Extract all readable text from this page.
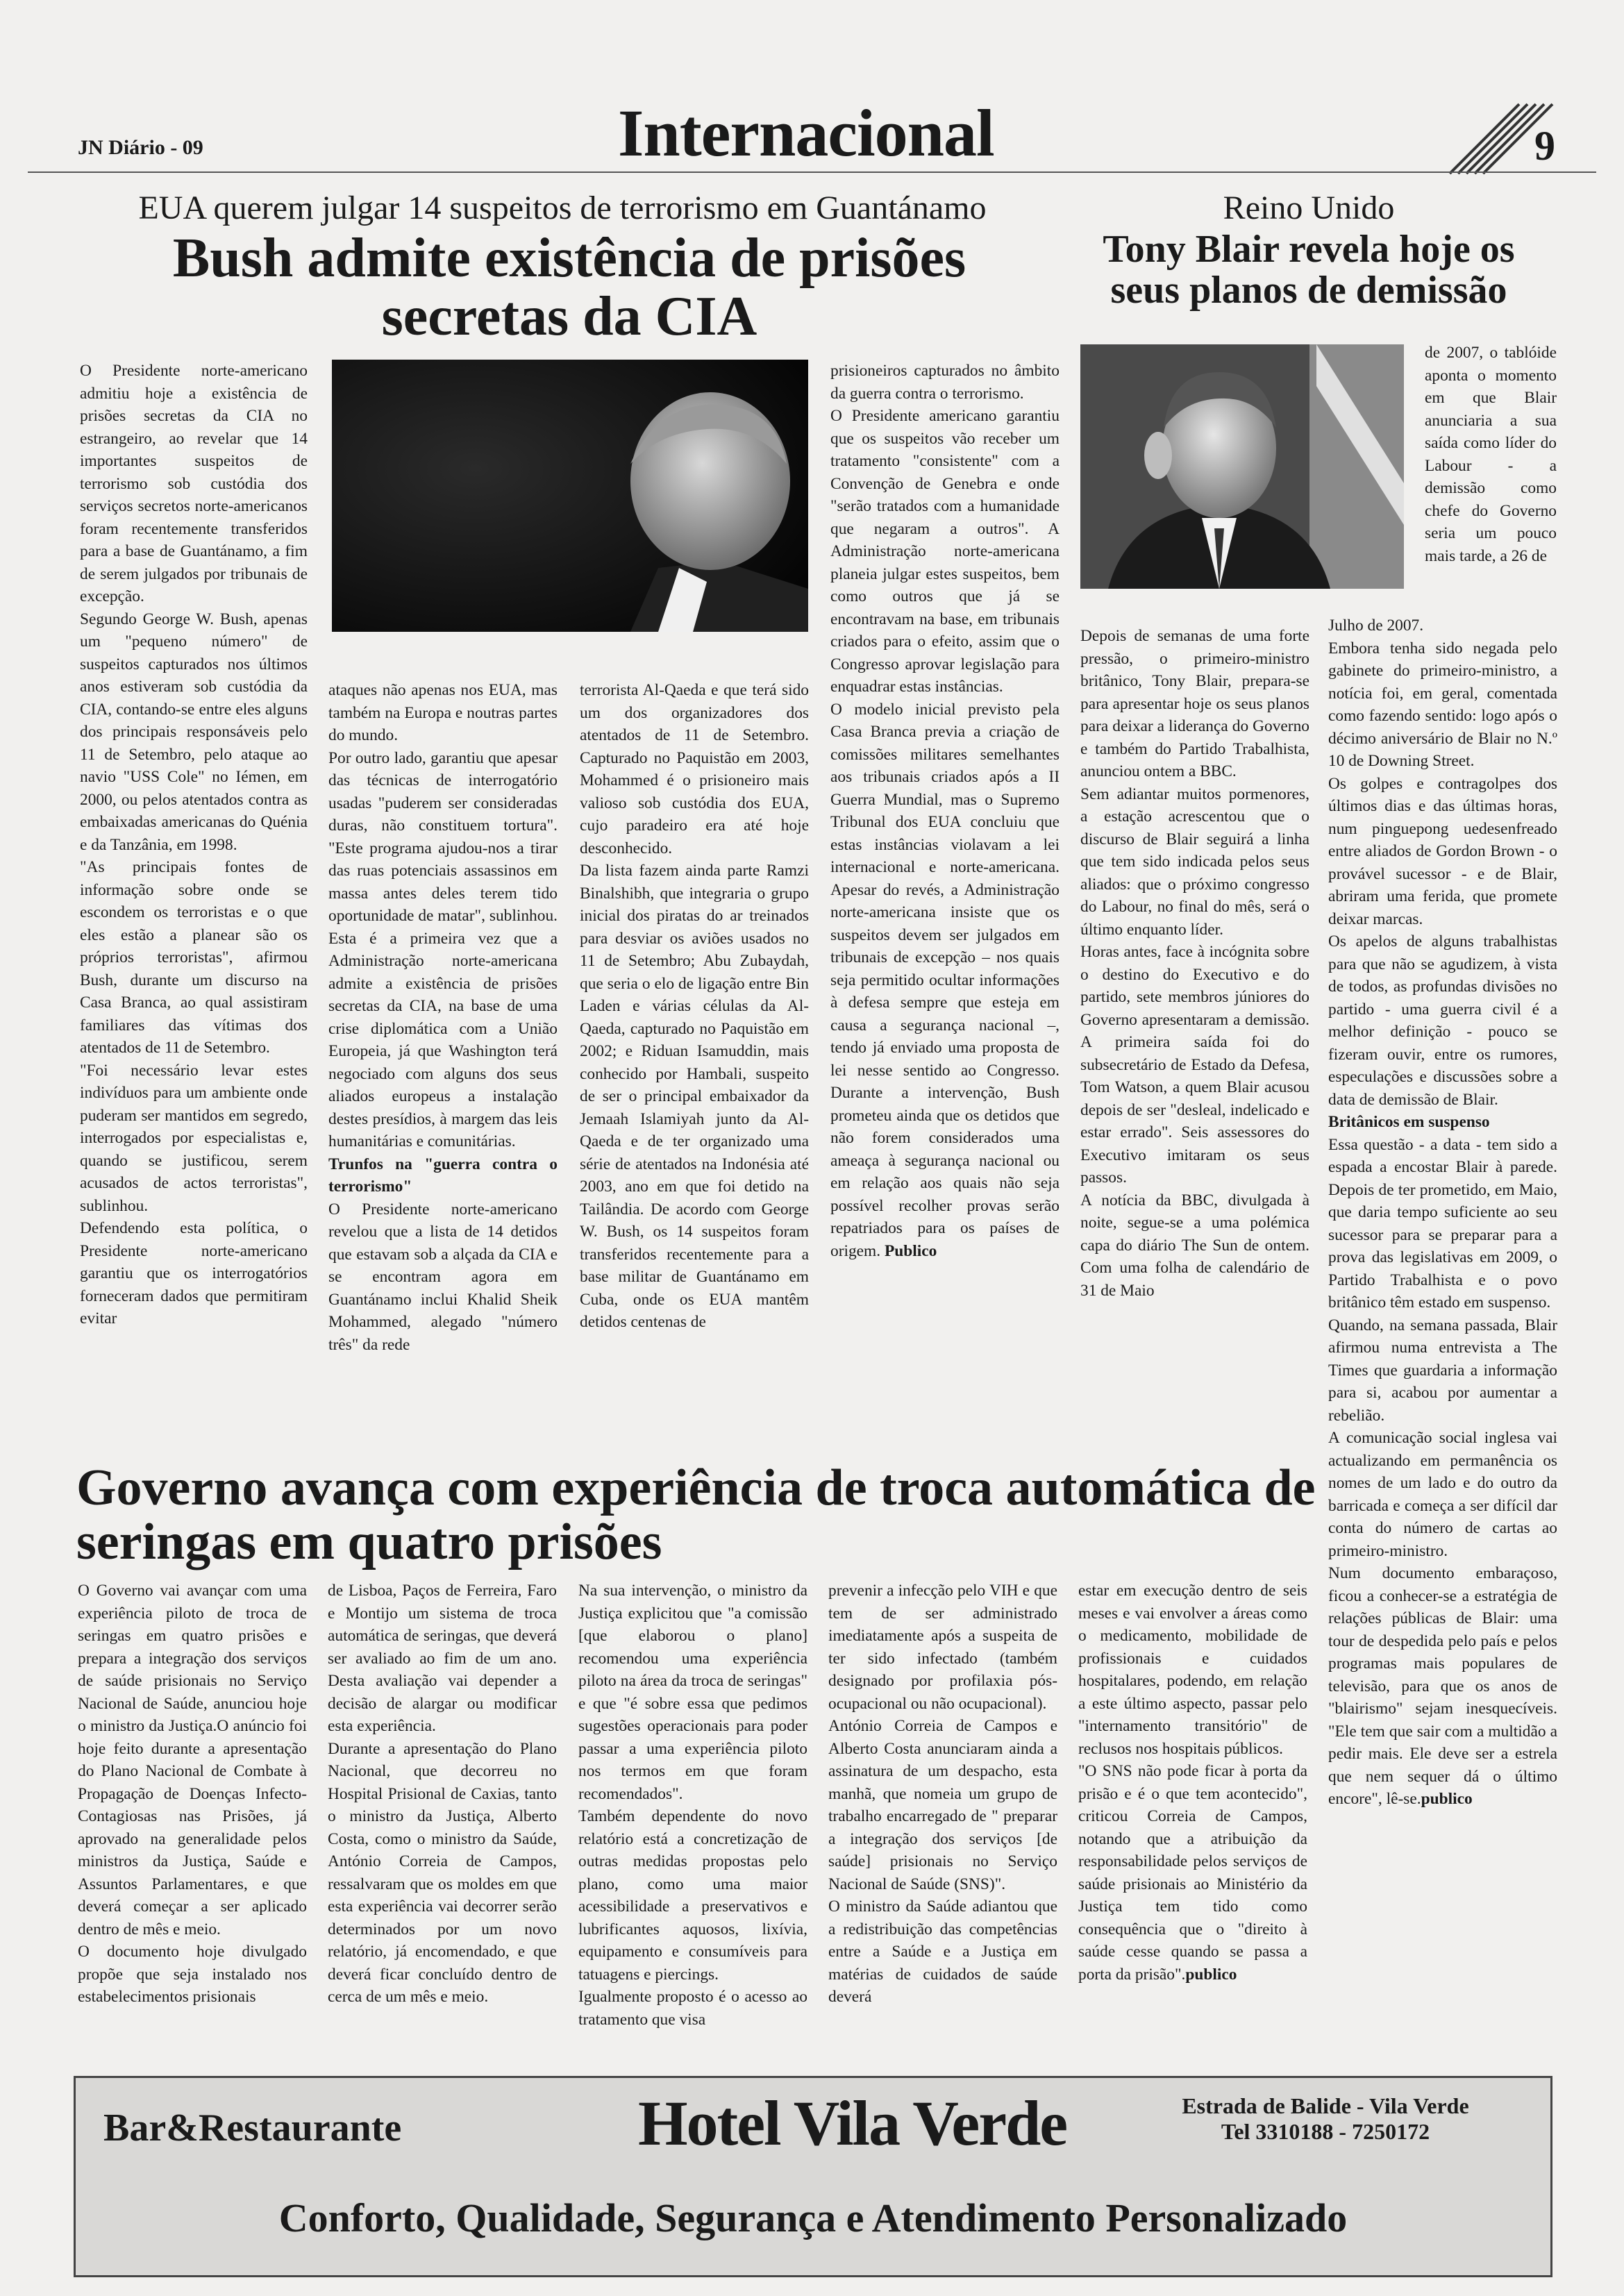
JN Diário - 09	Internacional	9
EUA querem julgar 14 suspeitos de terrorismo em Guantánamo
Bush admite existência de prisões secretas da CIA

O Presidente norte-americano admitiu hoje a existência de prisões secretas da CIA no estrangeiro, ao revelar que 14 importantes suspeitos de terrorismo sob custódia dos serviços secretos norte-americanos foram recentemente transferidos para a base de Guantánamo, a fim de serem julgados por tribunais de excepção.

Segundo George W. Bush, apenas um "pequeno número" de suspeitos capturados nos últimos anos estiveram sob custódia da CIA, contando-se entre eles alguns dos principais responsáveis pelo 11 de Setembro, pelo ataque ao navio "USS Cole" no Iémen, em 2000, ou pelos atentados contra as embaixadas americanas do Quénia e da Tanzânia, em 1998.

"As principais fontes de informação sobre onde se escondem os terroristas e o que eles estão a planear são os próprios terroristas", afirmou Bush, durante um discurso na Casa Branca, ao qual assistiram familiares das vítimas dos atentados de 11 de Setembro.

"Foi necessário levar estes indivíduos para um ambiente onde puderam ser mantidos em segredo, interrogados por especialistas e, quando se justificou, serem acusados de actos terroristas", sublinhou.

Defendendo esta política, o Presidente norte-americano garantiu que os interrogatórios forneceram dados que permitiram evitar

ataques não apenas nos EUA, mas também na Europa e noutras partes do mundo.

Por outro lado, garantiu que apesar das técnicas de interrogatório usadas "puderem ser consideradas duras, não constituem tortura". "Este programa ajudou-nos a tirar das ruas potenciais assassinos em massa antes deles terem tido oportunidade de matar", sublinhou. Esta é a primeira vez que a Administração norte-americana admite a existência de prisões secretas da CIA, na base de uma crise diplomática com a União Europeia, já que Washington terá negociado com alguns dos seus aliados europeus a instalação destes presídios, à margem das leis humanitárias e comunitárias.

Trunfos na "guerra contra o terrorismo"

O Presidente norte-americano revelou que a lista de 14 detidos que estavam sob a alçada da CIA e se encontram agora em Guantánamo inclui Khalid Sheik Mohammed, alegado "número três" da rede

terrorista Al-Qaeda e que terá sido um dos organizadores dos atentados de 11 de Setembro. Capturado no Paquistão em 2003, Mohammed é o prisioneiro mais valioso sob custódia dos EUA, cujo paradeiro era até hoje desconhecido.

Da lista fazem ainda parte Ramzi Binalshibh, que integraria o grupo inicial dos piratas do ar treinados para desviar os aviões usados no 11 de Setembro; Abu Zubaydah, que seria o elo de ligação entre Bin Laden e várias células da Al-Qaeda, capturado no Paquistão em 2002; e Riduan Isamuddin, mais conhecido por Hambali, suspeito de ser o principal embaixador da Jemaah Islamiyah junto da Al-Qaeda e de ter organizado uma série de atentados na Indonésia até 2003, ano em que foi detido na Tailândia. De acordo com George W. Bush, os 14 suspeitos foram transferidos recentemente para a base militar de Guantánamo em Cuba, onde os EUA mantêm detidos centenas de

prisioneiros capturados no âmbito da guerra contra o terrorismo.

O Presidente americano garantiu que os suspeitos vão receber um tratamento "consistente" com a Convenção de Genebra e onde "serão tratados com a humanidade que negaram a outros". A Administração norte-americana planeia julgar estes suspeitos, bem como outros que já se encontravam na base, em tribunais criados para o efeito, assim que o Congresso aprovar legislação para enquadrar estas instâncias.

O modelo inicial previsto pela Casa Branca previa a criação de comissões militares semelhantes aos tribunais criados após a II Guerra Mundial, mas o Supremo Tribunal dos EUA concluiu que estas instâncias violavam a lei internacional e norte-americana. Apesar do revés, a Administração norte-americana insiste que os suspeitos devem ser julgados em tribunais de excepção – nos quais seja permitido ocultar informações à defesa sempre que esteja em causa a segurança nacional –, tendo já enviado uma proposta de lei nesse sentido ao Congresso. Durante a intervenção, Bush prometeu ainda que os detidos que não forem considerados uma ameaça à segurança nacional ou em relação aos quais não seja possível recolher provas serão repatriados para os países de origem. Publico

Reino Unido
Tony Blair revela hoje os seus planos de demissão

de 2007, o tablóide aponta o momento em que Blair anunciaria a sua saída como líder do Labour - a demissão como chefe do Governo seria um pouco mais tarde, a 26 de

Depois de semanas de uma forte pressão, o primeiro-ministro britânico, Tony Blair, prepara-se para apresentar hoje os seus planos para deixar a liderança do Governo e também do Partido Trabalhista, anunciou ontem a BBC.

Sem adiantar muitos pormenores, a estação acrescentou que o discurso de Blair seguirá a linha que tem sido indicada pelos seus aliados: que o próximo congresso do Labour, no final do mês, será o último enquanto líder.

Horas antes, face à incógnita sobre o destino do Executivo e do partido, sete membros júniores do Governo apresentaram a demissão. A primeira saída foi do subsecretário de Estado da Defesa, Tom Watson, a quem Blair acusou depois de ser "desleal, indelicado e estar errado". Seis assessores do Executivo imitaram os seus passos.

A notícia da BBC, divulgada à noite, segue-se a uma polémica capa do diário The Sun de ontem. Com uma folha de calendário de 31 de Maio

Julho de 2007.

Embora tenha sido negada pelo gabinete do primeiro-ministro, a notícia foi, em geral, comentada como fazendo sentido: logo após o décimo aniversário de Blair no N.º 10 de Downing Street.

Os golpes e contragolpes dos últimos dias e das últimas horas, num pinguepong uedesenfreado entre aliados de Gordon Brown - o provável sucessor - e de Blair, abriram uma ferida, que promete deixar marcas.

Os apelos de alguns trabalhistas para que não se agudizem, à vista de todos, as profundas divisões no partido - uma guerra civil é a melhor definição - pouco se fizeram ouvir, entre os rumores, especulações e discussões sobre a data de demissão de Blair.

Britânicos em suspenso

Essa questão - a data - tem sido a espada a encostar Blair à parede. Depois de ter prometido, em Maio, que daria tempo suficiente ao seu sucessor para se preparar para a prova das legislativas em 2009, o Partido Trabalhista e o povo britânico têm estado em suspenso.

Quando, na semana passada, Blair afirmou numa entrevista a The Times que guardaria a informação para si, acabou por aumentar a rebelião.

A comunicação social inglesa vai actualizando em permanência os nomes de um lado e do outro da barricada e começa a ser difícil dar conta do número de cartas ao primeiro-ministro.

Num documento embaraçoso, ficou a conhecer-se a estratégia de relações públicas de Blair: uma tour de despedida pelo país e pelos programas mais populares de televisão, para que os anos de "blairismo" sejam inesquecíveis. "Ele tem que sair com a multidão a pedir mais. Ele deve ser a estrela que nem sequer dá o último encore", lê-se.publico

Governo avança com experiência de troca automática de seringas em quatro prisões

O Governo vai avançar com uma experiência piloto de troca de seringas em quatro prisões e prepara a integração dos serviços de saúde prisionais no Serviço Nacional de Saúde, anunciou hoje o ministro da Justiça.O anúncio foi hoje feito durante a apresentação do Plano Nacional de Combate à Propagação de Doenças Infecto-Contagiosas nas Prisões, já aprovado na generalidade pelos ministros da Justiça, Saúde e Assuntos Parlamentares, e que deverá começar a ser aplicado dentro de mês e meio.

O documento hoje divulgado propõe que seja instalado nos estabelecimentos prisionais

de Lisboa, Paços de Ferreira, Faro e Montijo um sistema de troca automática de seringas, que deverá ser avaliado ao fim de um ano. Desta avaliação vai depender a decisão de alargar ou modificar esta experiência.

Durante a apresentação do Plano Nacional, que decorreu no Hospital Prisional de Caxias, tanto o ministro da Justiça, Alberto Costa, como o ministro da Saúde, António Correia de Campos, ressalvaram que os moldes em que esta experiência vai decorrer serão determinados por um novo relatório, já encomendado, e que deverá ficar concluído dentro de cerca de um mês e meio.

Na sua intervenção, o ministro da Justiça explicitou que "a comissão [que elaborou o plano] recomendou uma experiência piloto na área da troca de seringas" e que "é sobre essa que pedimos sugestões operacionais para poder passar a uma experiência piloto nos termos em que foram recomendados".

Também dependente do novo relatório está a concretização de outras medidas propostas pelo plano, como uma maior acessibilidade a preservativos e lubrificantes aquosos, lixívia, equipamento e consumíveis para tatuagens e piercings.

Igualmente proposto é o acesso ao tratamento que visa

prevenir a infecção pelo VIH e que tem de ser administrado imediatamente após a suspeita de ter sido infectado (também designado por profilaxia pós-ocupacional ou não ocupacional).

António Correia de Campos e Alberto Costa anunciaram ainda a assinatura de um despacho, esta manhã, que nomeia um grupo de trabalho encarregado de " preparar a integração dos serviços [de saúde] prisionais no Serviço Nacional de Saúde (SNS)".

O ministro da Saúde adiantou que a redistribuição das competências entre a Saúde e a Justiça em matérias de cuidados de saúde deverá

estar em execução dentro de seis meses e vai envolver a áreas como o medicamento, mobilidade de profissionais e cuidados hospitalares, podendo, em relação a este último aspecto, passar pelo "internamento transitório" de reclusos nos hospitais públicos.

"O SNS não pode ficar à porta da prisão e é o que tem acontecido", criticou Correia de Campos, notando que a atribuição da responsabilidade pelos serviços de saúde prisionais ao Ministério da Justiça tem tido como consequência que o "direito à saúde cesse quando se passa a porta da prisão".publico

Bar&Restaurante	Hotel Vila Verde	Estrada de Balide - Vila Verde
Tel 3310188 - 7250172
Conforto, Qualidade, Segurança e Atendimento Personalizado
